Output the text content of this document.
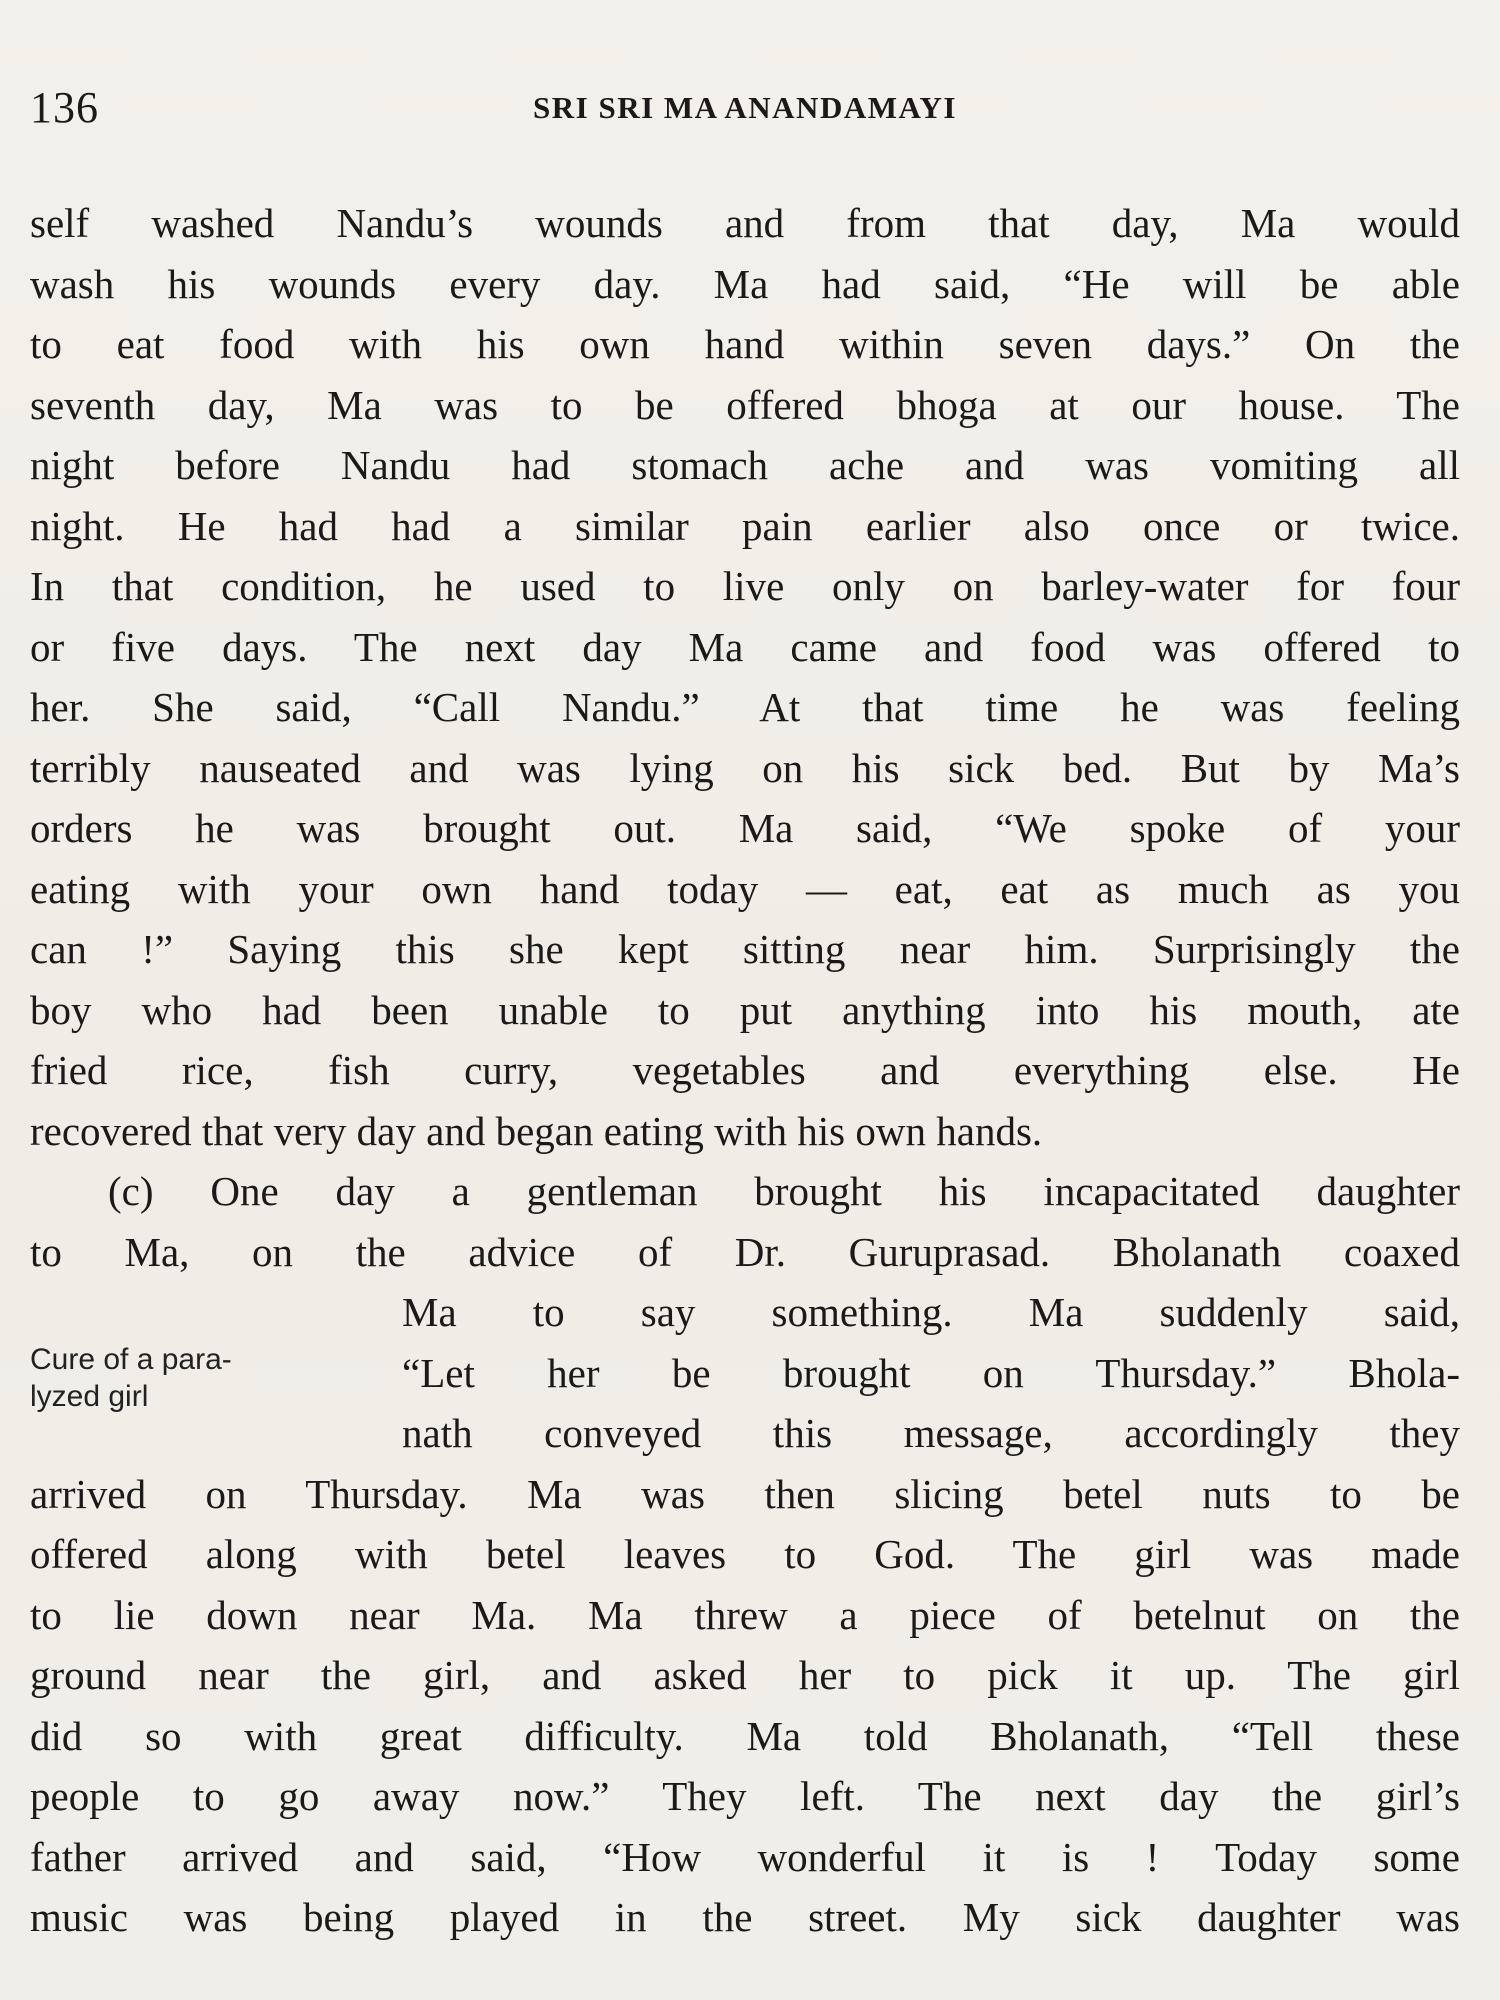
136	SRI SRI MA ANANDAMAYI
self washed Nandu’s wounds and from that day, Ma would
wash his wounds every day. Ma had said, “He will be able
to eat food with his own hand within seven days.” On the
seventh day, Ma was to be offered bhoga at our house. The
night before Nandu had stomach ache and was vomiting all
night. He had had a similar pain earlier also once or twice.
In that condition, he used to live only on barley-water for four
or five days. The next day Ma came and food was offered to
her. She said, “Call Nandu.” At that time he was feeling
terribly nauseated and was lying on his sick bed. But by Ma’s
orders he was brought out. Ma said, “We spoke of your
eating with your own hand today — eat, eat as much as you
can !” Saying this she kept sitting near him. Surprisingly the
boy who had been unable to put anything into his mouth, ate
fried rice, fish curry, vegetables and everything else. He
recovered that very day and began eating with his own hands.
(c) One day a gentleman brought his incapacitated daughter
to Ma, on the advice of Dr. Guruprasad. Bholanath coaxed
Ma to say something. Ma suddenly said,
“Let her be brought on Thursday.” Bhola-
nath conveyed this message, accordingly they
arrived on Thursday. Ma was then slicing betel nuts to be
offered along with betel leaves to God. The girl was made
to lie down near Ma. Ma threw a piece of betelnut on the
ground near the girl, and asked her to pick it up. The girl
did so with great difficulty. Ma told Bholanath, “Tell these
people to go away now.” They left. The next day the girl’s
father arrived and said, “How wonderful it is ! Today some
music was being played in the street. My sick daughter was
Cure of a para-
lyzed girl
